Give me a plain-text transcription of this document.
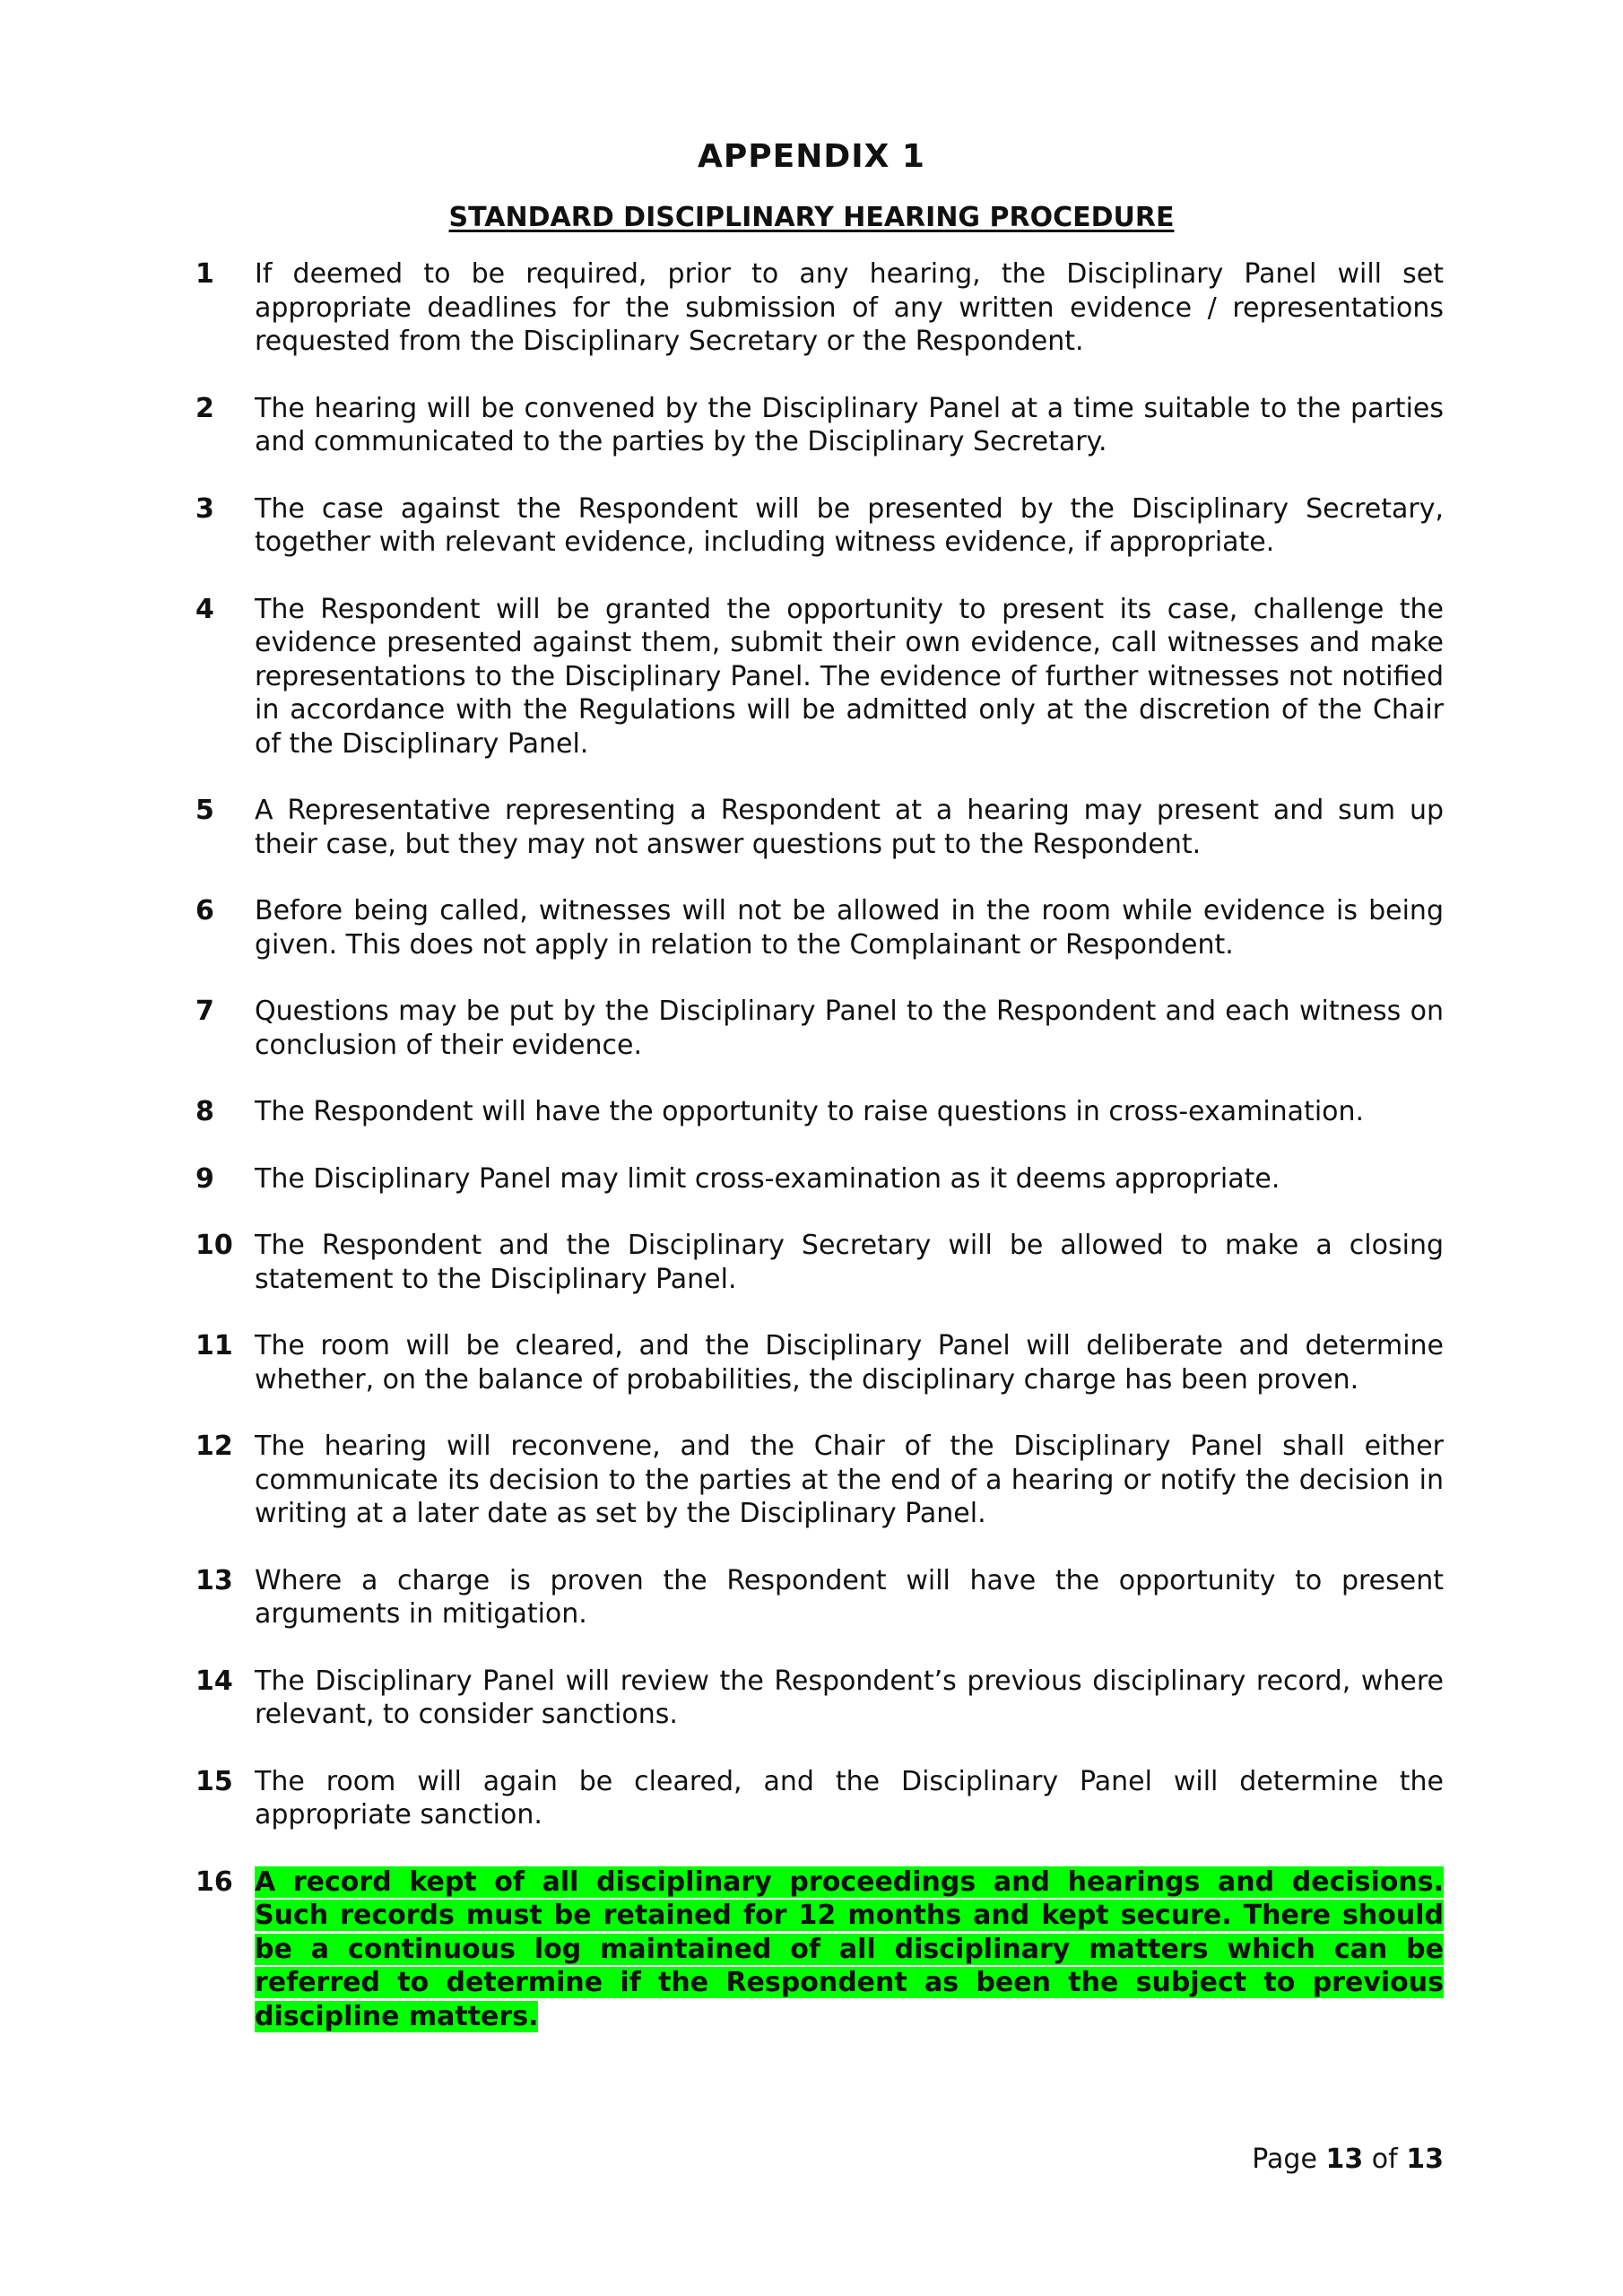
APPENDIX 1
STANDARD DISCIPLINARY HEARING PROCEDURE
1 If deemed to be required, prior to any hearing, the Disciplinary Panel will set appropriate deadlines for the submission of any written evidence / representations requested from the Disciplinary Secretary or the Respondent.
2 The hearing will be convened by the Disciplinary Panel at a time suitable to the parties and communicated to the parties by the Disciplinary Secretary.
3 The case against the Respondent will be presented by the Disciplinary Secretary, together with relevant evidence, including witness evidence, if appropriate.
4 The Respondent will be granted the opportunity to present its case, challenge the evidence presented against them, submit their own evidence, call witnesses and make representations to the Disciplinary Panel. The evidence of further witnesses not notified in accordance with the Regulations will be admitted only at the discretion of the Chair of the Disciplinary Panel.
5 A Representative representing a Respondent at a hearing may present and sum up their case, but they may not answer questions put to the Respondent.
6 Before being called, witnesses will not be allowed in the room while evidence is being given. This does not apply in relation to the Complainant or Respondent.
7 Questions may be put by the Disciplinary Panel to the Respondent and each witness on conclusion of their evidence.
8 The Respondent will have the opportunity to raise questions in cross-examination.
9 The Disciplinary Panel may limit cross-examination as it deems appropriate.
10 The Respondent and the Disciplinary Secretary will be allowed to make a closing statement to the Disciplinary Panel.
11 The room will be cleared, and the Disciplinary Panel will deliberate and determine whether, on the balance of probabilities, the disciplinary charge has been proven.
12 The hearing will reconvene, and the Chair of the Disciplinary Panel shall either communicate its decision to the parties at the end of a hearing or notify the decision in writing at a later date as set by the Disciplinary Panel.
13 Where a charge is proven the Respondent will have the opportunity to present arguments in mitigation.
14 The Disciplinary Panel will review the Respondent’s previous disciplinary record, where relevant, to consider sanctions.
15 The room will again be cleared, and the Disciplinary Panel will determine the appropriate sanction.
16 A record kept of all disciplinary proceedings and hearings and decisions. Such records must be retained for 12 months and kept secure. There should be a continuous log maintained of all disciplinary matters which can be referred to determine if the Respondent as been the subject to previous discipline matters.
Page 13 of 13
